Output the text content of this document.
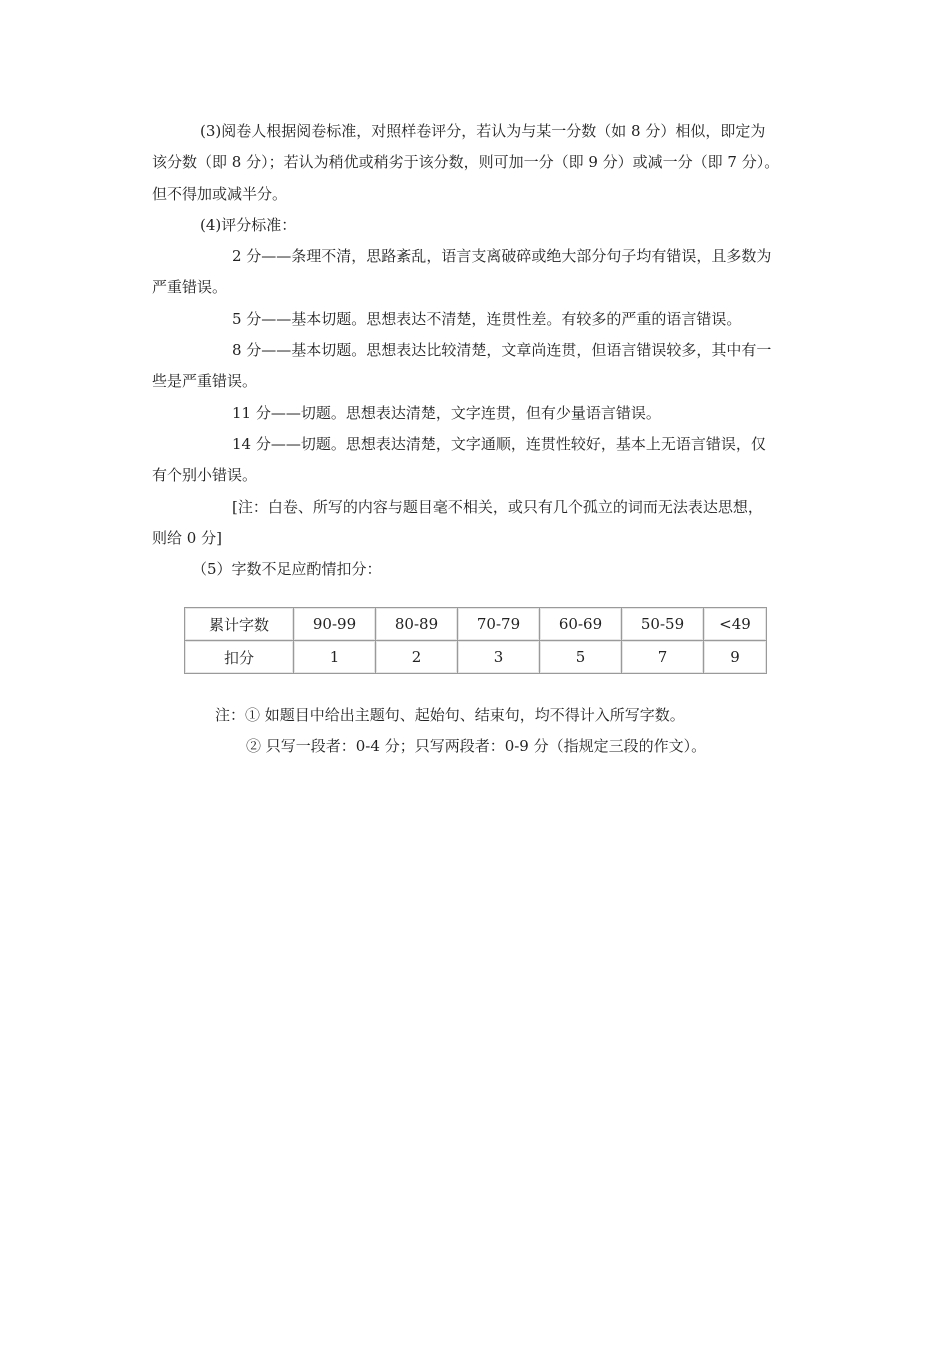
(3)阅卷人根据阅卷标准，对照样卷评分，若认为与某一分数（如 8 分）相似，即定为
该分数（即 8 分）；若认为稍优或稍劣于该分数，则可加一分（即 9 分）或减一分（即 7 分）。
但不得加或减半分。
(4)评分标准：
2 分——条理不清，思路紊乱，语言支离破碎或绝大部分句子均有错误，且多数为
严重错误。
5 分——基本切题。思想表达不清楚，连贯性差。有较多的严重的语言错误。
8 分——基本切题。思想表达比较清楚，文章尚连贯，但语言错误较多，其中有一
些是严重错误。
11 分——切题。思想表达清楚，文字连贯，但有少量语言错误。
14 分——切题。思想表达清楚，文字通顺，连贯性较好，基本上无语言错误，仅
有个别小错误。
[注：白卷、所写的内容与题目毫不相关，或只有几个孤立的词而无法表达思想，
则给 0 分]
（5）字数不足应酌情扣分：
累计字数	90-99	80-89	70-79	60-69	50-59	<49
扣分	1	2	3	5	7	9
注：① 如题目中给出主题句、起始句、结束句，均不得计入所写字数。
② 只写一段者：0-4 分；只写两段者：0-9 分（指规定三段的作文）。
